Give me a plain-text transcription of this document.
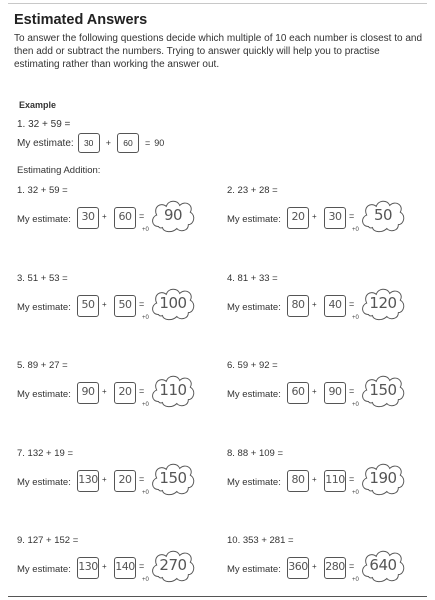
Estimated Answers
To answer the following questions decide which multiple of 10 each number is closest to and then add or subtract the numbers. Trying to answer quickly will help you to practise estimating rather than working the answer out.
Example
1. 32 + 59 =
My estimate:	30	+	60	= 90
Estimating Addition:
1. 32 + 59 =
My estimate: 30 +	60 =
+0
90
2. 23 + 28 =
My estimate: 20 +	30 =
+0
50
3. 51 + 53 =
My estimate: 50 +	50 =
+0
100
4. 81 + 33 =
My estimate: 80 +	40 =
+0
120
5. 89 + 27 =
My estimate: 90 +	20 =
+0
110
6. 59 + 92 =
My estimate: 60 +	90 =
+0
150
7. 132 + 19 =
My estimate: 130 +	20 =
+0
150
8. 88 + 109 =
My estimate: 80 + 110 =
+0
190
9. 127 + 152 =
My estimate: 130 + 140 =
+0
270
10. 353 + 281 =
My estimate: 360 + 280 =
+0
640
